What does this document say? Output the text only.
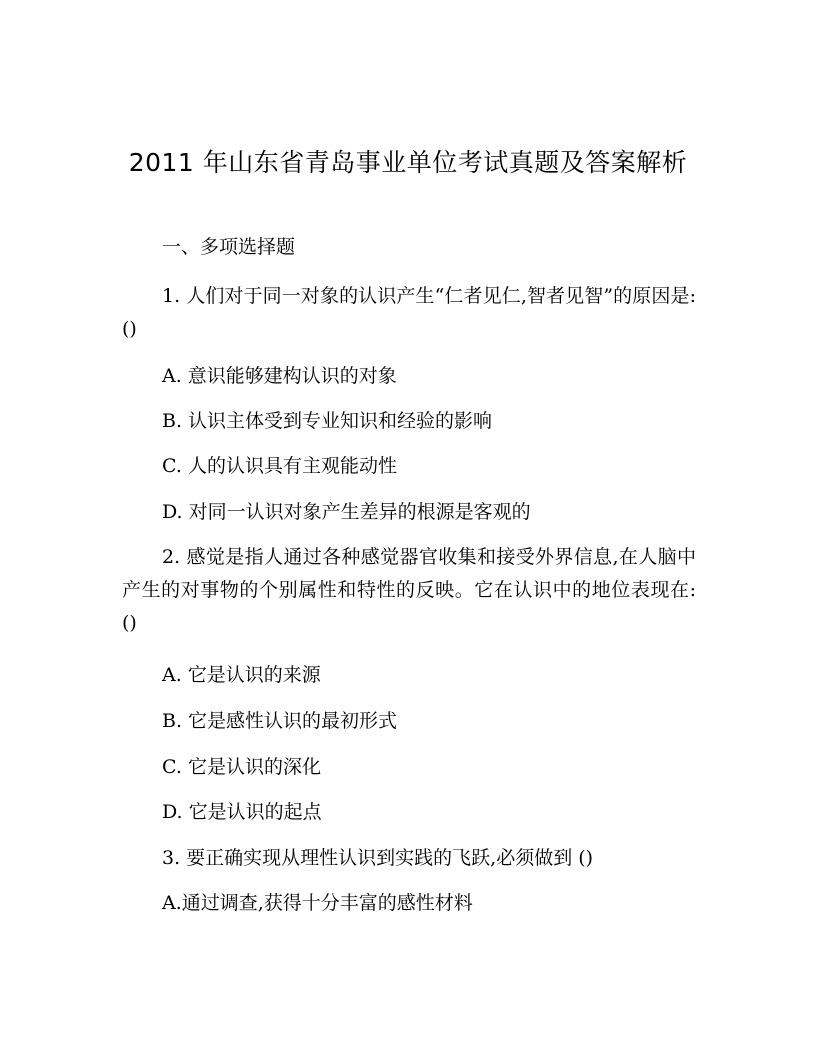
2011 年山东省青岛事业单位考试真题及答案解析
一、多项选择题
1. 人们对于同一对象的认识产生“仁者见仁,智者见智”的原因是: ()
A. 意识能够建构认识的对象
B. 认识主体受到专业知识和经验的影响
C. 人的认识具有主观能动性
D. 对同一认识对象产生差异的根源是客观的
2. 感觉是指人通过各种感觉器官收集和接受外界信息,在人脑中产生的对事物的个别属性和特性的反映。它在认识中的地位表现在: ()
A. 它是认识的来源
B. 它是感性认识的最初形式
C. 它是认识的深化
D. 它是认识的起点
3. 要正确实现从理性认识到实践的飞跃,必须做到 ()
A.通过调查,获得十分丰富的感性材料
